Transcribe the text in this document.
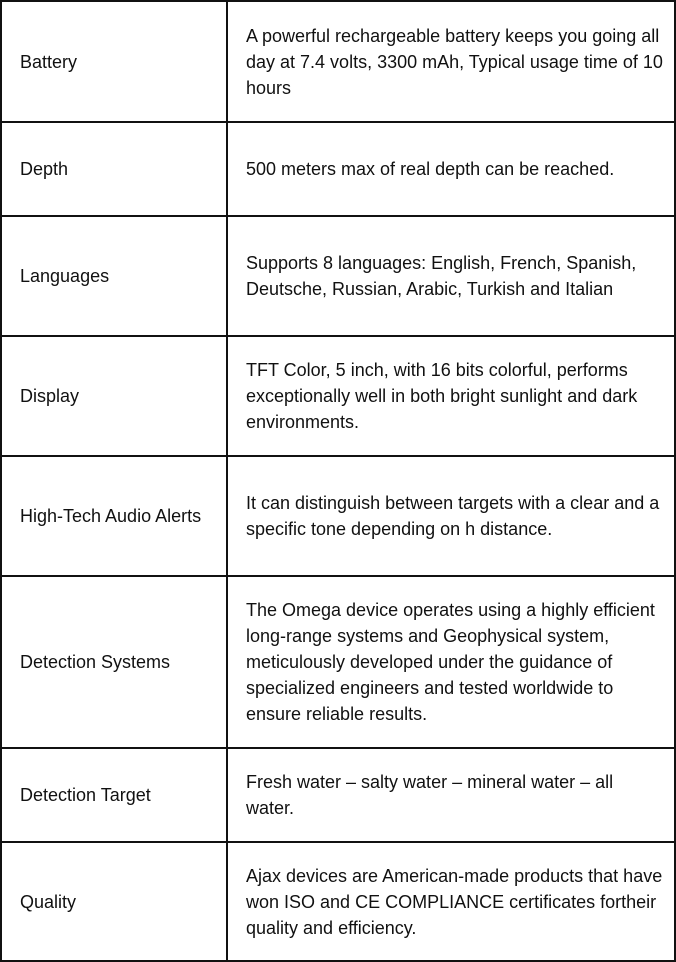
Battery
A powerful rechargeable battery keeps you going all day at 7.4 volts, 3300 mAh, Typical usage time of 10 hours
Depth	500 meters max of real depth can be reached.
Languages
Supports 8 languages: English, French, Spanish, Deutsche, Russian, Arabic, Turkish and Italian
Display
TFT Color, 5 inch, with 16 bits colorful, performs exceptionally well in both bright sunlight and dark environments.
High-Tech Audio Alerts
It can distinguish between targets with a clear and a specific tone depending on h distance.
Detection Systems
The Omega device operates using a highly efficient long-range systems and Geophysical system, meticulously developed under the guidance of specialized engineers and tested worldwide to ensure reliable results.
Detection Target
Fresh water – salty water – mineral water – all water.
Quality
Ajax devices are American-made products that have won ISO and CE COMPLIANCE certificates fortheir quality and efficiency.
